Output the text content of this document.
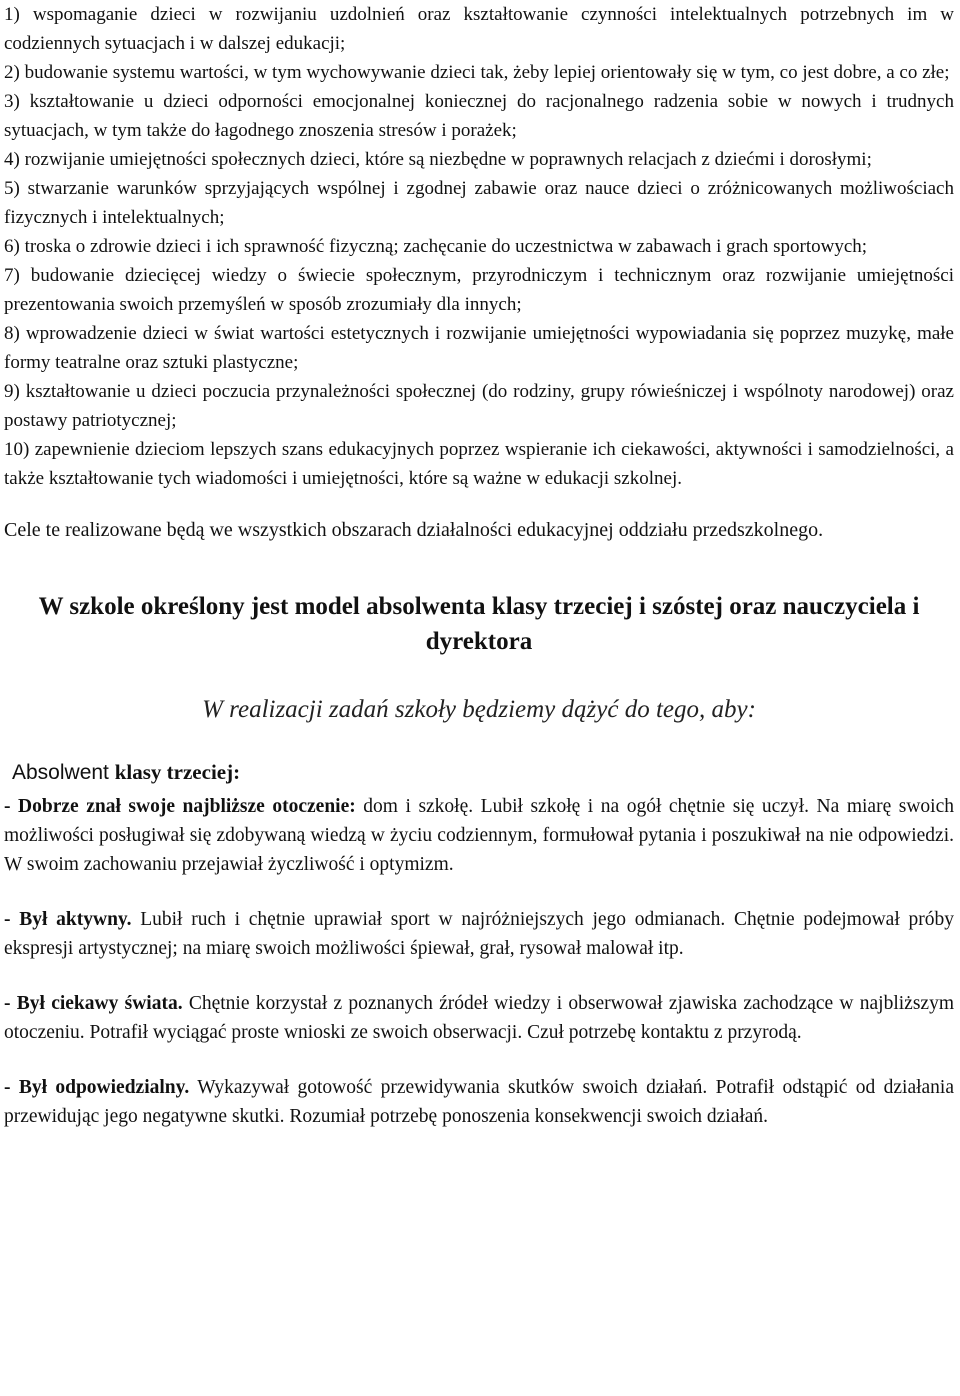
1) wspomaganie dzieci w rozwijaniu uzdolnień oraz kształtowanie czynności intelektualnych potrzebnych im w codziennych sytuacjach i w dalszej edukacji;
2) budowanie systemu wartości, w tym wychowywanie dzieci tak, żeby lepiej orientowały się w tym, co jest dobre, a co złe;
3) kształtowanie u dzieci odporności emocjonalnej koniecznej do racjonalnego radzenia sobie w nowych i trudnych sytuacjach, w tym także do łagodnego znoszenia stresów i porażek;
4) rozwijanie umiejętności społecznych dzieci, które są niezbędne w poprawnych relacjach z dziećmi i dorosłymi;
5) stwarzanie warunków sprzyjających wspólnej i zgodnej zabawie oraz nauce dzieci o zróżnicowanych możliwościach fizycznych i intelektualnych;
6) troska o zdrowie dzieci i ich sprawność fizyczną; zachęcanie do uczestnictwa w zabawach i grach sportowych;
7) budowanie dziecięcej wiedzy o świecie społecznym, przyrodniczym i technicznym oraz rozwijanie umiejętności prezentowania swoich przemyśleń w sposób zrozumiały dla innych;
8) wprowadzenie dzieci w świat wartości estetycznych i rozwijanie umiejętności wypowiadania się poprzez muzykę, małe formy teatralne oraz sztuki plastyczne;
9) kształtowanie u dzieci poczucia przynależności społecznej (do rodziny, grupy rówieśniczej i wspólnoty narodowej) oraz postawy patriotycznej;
10) zapewnienie dzieciom lepszych szans edukacyjnych poprzez wspieranie ich ciekawości, aktywności i samodzielności, a także kształtowanie tych wiadomości i umiejętności, które są ważne w edukacji szkolnej.

Cele te realizowane będą we wszystkich obszarach działalności edukacyjnej oddziału przedszkolnego.

W szkole określony jest model absolwenta klasy trzeciej i szóstej oraz nauczyciela i dyrektora

W realizacji zadań szkoły będziemy dążyć do tego, aby:

Absolwent klasy trzeciej:

- Dobrze znał swoje najbliższe otoczenie: dom i szkołę. Lubił szkołę i na ogół chętnie się uczył. Na miarę swoich możliwości posługiwał się zdobywaną wiedzą w życiu codziennym, formułował pytania i poszukiwał na nie odpowiedzi. W swoim zachowaniu przejawiał życzliwość i optymizm.

- Był aktywny. Lubił ruch i chętnie uprawiał sport w najróżniejszych jego odmianach. Chętnie podejmował próby ekspresji artystycznej; na miarę swoich możliwości śpiewał, grał, rysował malował itp.

- Był ciekawy świata. Chętnie korzystał z poznanych źródeł wiedzy i obserwował zjawiska zachodzące w najbliższym otoczeniu. Potrafił wyciągać proste wnioski ze swoich obserwacji. Czuł potrzebę kontaktu z przyrodą.

- Był odpowiedzialny. Wykazywał gotowość przewidywania skutków swoich działań. Potrafił odstąpić od działania przewidując jego negatywne skutki. Rozumiał potrzebę ponoszenia konsekwencji swoich działań.
